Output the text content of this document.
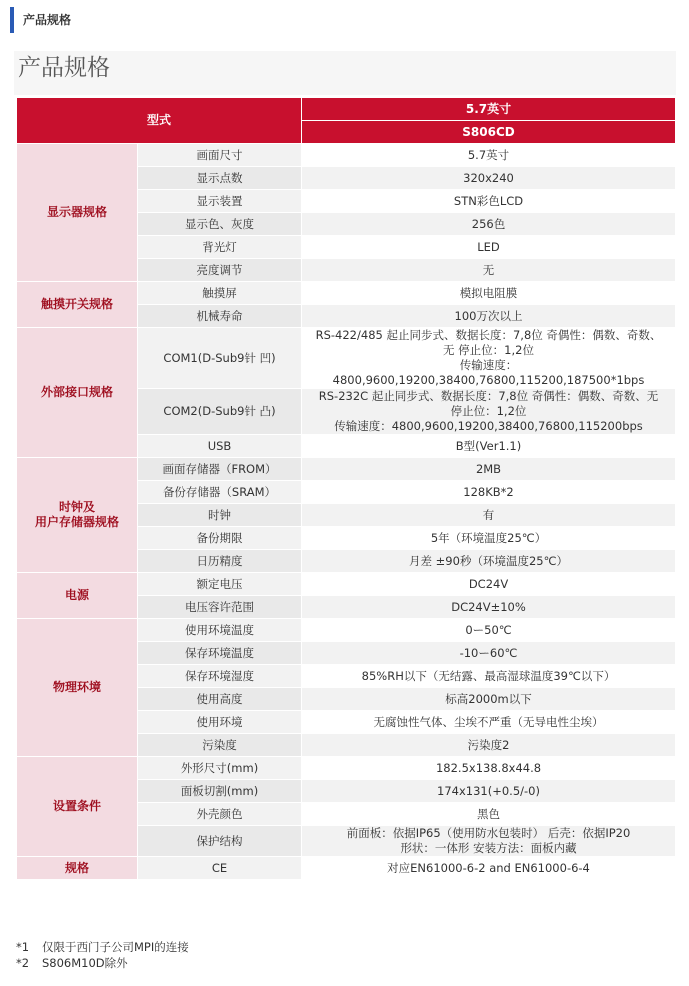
产品规格
产品规格
型式		5.7英寸
		S806CD
显示器规格	画面尺寸	5.7英寸

	显示点数	320x240

	显示装置	STN彩色LCD

	显示色、灰度	256色

	背光灯	LED

	亮度调节	无

触摸开关规格	触摸屏	模拟电阻膜

	机械寿命	100万次以上

外部接口规格	COM1(D-Sub9针 凹)	RS-422/485 起止同步式、数据长度：7,8位 奇偶性：偶数、奇数、
无 停止位：1,2位
传输速度：4800,9600,19200,38400,76800,115200,187500*1bps

	COM2(D-Sub9针 凸)	RS-232C 起止同步式、数据长度：7,8位 奇偶性：偶数、奇数、无
停止位：1,2位
传输速度：4800,9600,19200,38400,76800,115200bps

	USB	B型(Ver1.1)

时钟及
用户存储器规格	画面存储器（FROM）	2MB

	备份存储器（SRAM）	128KB*2

	时钟	有

	备份期限	5年（环境温度25℃）

	日历精度	月差 ±90秒（环境温度25℃）

电源	额定电压	DC24V

	电压容许范围	DC24V±10%

物理环境	使用环境温度	0ー50℃

	保存环境温度	-10ー60℃

	保存环境湿度	85%RH以下（无结露、最高湿球温度39℃以下）

	使用高度	标高2000m以下

	使用环境	无腐蚀性气体、尘埃不严重（无导电性尘埃）

	污染度	污染度2

设置条件	外形尺寸(mm)	182.5x138.8x44.8

	面板切割(mm)	174x131(+0.5/-0)

	外壳颜色	黑色

	保护结构	前面板：依据IP65（使用防水包装时） 后壳：依据IP20
形状：一体形 安装方法：面板内藏

规格	CE	对应EN61000-6-2 and EN61000-6-4
*1 仅限于西门子公司MPI的连接
*2 S806M10D除外
